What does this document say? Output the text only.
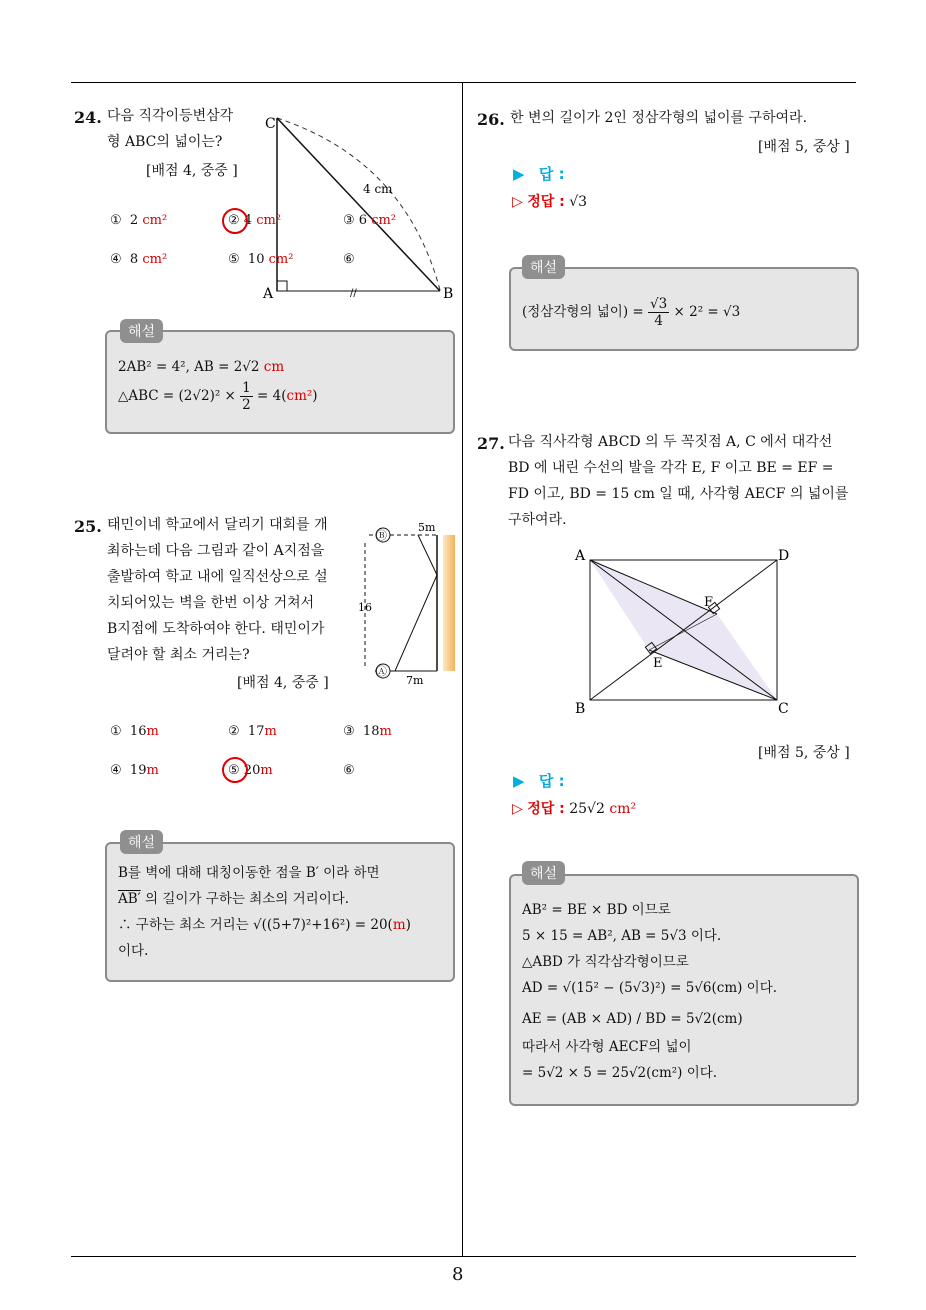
8
24. 다음 직각이등변삼각
형 ABC의 넓이는?
[배점 4, 중중 ]
C
A	B
4 cm
//
① 2 cm²	② 4 cm²	③ 6 cm²
④ 8 cm²	⑤ 10 cm²	⑥
해설
2AB² = 4², AB = 2√2 cm
△ABC = $(2√2)^2 \times \frac{1}{2} = 4(cm^2)$
25. 태민이네 학교에서 달리기 대회를 개
최하는데 다음 그림과 같이 A지점을
출발하여 학교 내에 일직선상으로 설
치되어있는 벽을 한번 이상 거쳐서
B지점에 도착하여야 한다. 태민이가
달려야 할 최소 거리는?
[배점 4, 중중 ]
Ⓑ
Ⓐ
5m
16
7m
① 16m	② 17m	③ 18m
④ 19m	⑤ 20m	⑥
해설
B를 벽에 대해 대칭이동한 점을 B′ 이라 하면
AB′ 의 길이가 구하는 최소의 거리이다.
∴ 구하는 최소 거리는 √((5+7)²+16²) = 20(m)
이다.
26. 한 변의 길이가 2인 정삼각형의 넓이를 구하여라.
[배점 5, 중상 ]
▶ 답 :
▷ 정답 : √3
해설
(정삼각형의 넓이) = $\frac{√3}{4} \times 2^2 = √3$
27. 다음 직사각형 ABCD 의 두 꼭짓점 A, C 에서 대각선
BD 에 내린 수선의 발을 각각 E, F 이고 BE = EF =
FD 이고, BD = 15 cm 일 때, 사각형 AECF 의 넓이를
구하여라.
A	D
B	C
F
E
[배점 5, 중상 ]
▶ 답 :
▷ 정답 : 25√2 cm²
해설
AB² = BE × BD 이므로
5 × 15 = AB², AB = 5√3 이다.
△ABD 가 직각삼각형이므로
AD = √(15² − (5√3)²) = 5√6(cm) 이다.
AE = (AB × AD) / BD = 5√2(cm)
따라서 사각형 AECF의 넓이
= 5√2 × 5 = 25√2(cm²) 이다.
